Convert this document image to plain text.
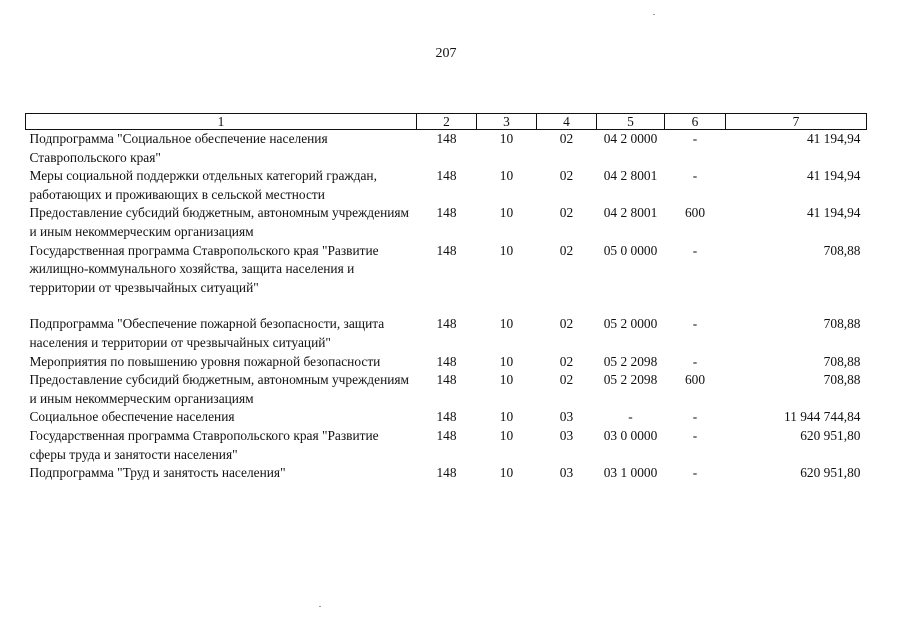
207
1	2	3	4	5	6	7
Подпрограмма "Социальное обеспечение населения Ставропольского края"	148	10	02	04 2 0000	-	41 194,94
Меры социальной поддержки отдельных категорий граждан, работающих и проживающих в сельской местности	148	10	02	04 2 8001	-	41 194,94
Предоставление субсидий бюджетным, автономным учреждениям и иным некоммерческим организациям	148	10	02	04 2 8001	600	41 194,94
Государственная программа Ставропольского края "Развитие жилищно-коммунального хозяйства, защита населения и территории от чрезвычайных ситуаций"	148	10	02	05 0 0000	-	708,88
Подпрограмма "Обеспечение пожарной безопасности, защита населения и территории от чрезвычайных ситуаций"	148	10	02	05 2 0000	-	708,88
Мероприятия по повышению уровня пожарной безопасности	148	10	02	05 2 2098	-	708,88
Предоставление субсидий бюджетным, автономным учреждениям и иным некоммерческим организациям	148	10	02	05 2 2098	600	708,88
Социальное обеспечение населения	148	10	03	-	-	11 944 744,84
Государственная программа Ставропольского края "Развитие сферы труда и занятости населения"	148	10	03	03 0 0000	-	620 951,80
Подпрограмма "Труд и занятость населения"	148	10	03	03 1 0000	-	620 951,80
